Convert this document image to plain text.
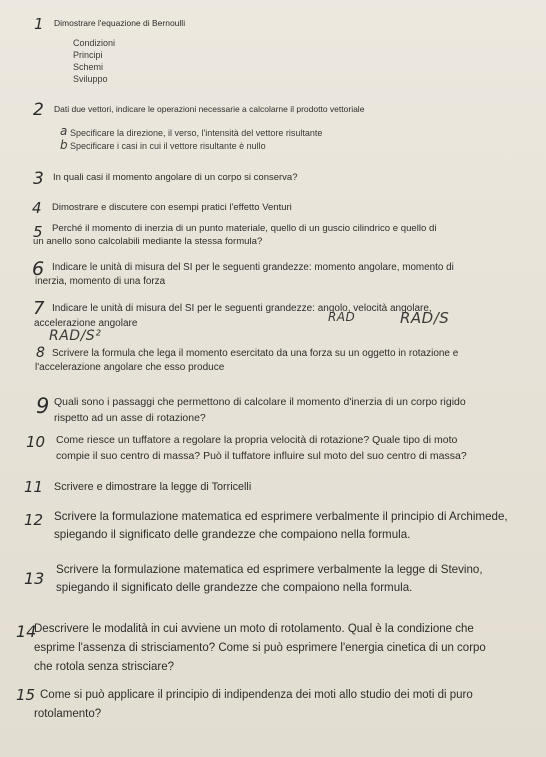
1 Dimostrare l'equazione di Bernoulli

Condizioni
Principi
Schemi
Sviluppo
2 Dati due vettori, indicare le operazioni necessarie a calcolarne il prodotto vettoriale

a Specificare la direzione, il verso, l'intensità del vettore risultante
b Specificare i casi in cui il vettore risultante è nullo
3 In quali casi il momento angolare di un corpo si conserva?

4 Dimostrare e discutere con esempi pratici l'effetto Venturi

5 Perché il momento di inerzia di un punto materiale, quello di un guscio cilindrico e quello di

un anello sono calcolabili mediante la stessa formula?

6 Indicare le unità di misura del SI per le seguenti grandezze: momento angolare, momento di

inerzia, momento di una forza

7 Indicare le unità di misura del SI per le seguenti grandezze: angolo, velocità angolare,

accelerazione angolare	RAD	RAD/S
RAD/S²
8 Scrivere la formula che lega il momento esercitato da una forza su un oggetto in rotazione e

l'accelerazione angolare che esso produce

9 Quali sono i passaggi che permettono di calcolare il momento d'inerzia di un corpo rigido

rispetto ad un asse di rotazione?

10 Come riesce un tuffatore a regolare la propria velocità di rotazione? Quale tipo di moto

compie il suo centro di massa? Può il tuffatore influire sul moto del suo centro di massa?

11 Scrivere e dimostrare la legge di Torricelli

12 Scrivere la formulazione matematica ed esprimere verbalmente il principio di Archimede,

spiegando il significato delle grandezze che compaiono nella formula.

13 Scrivere la formulazione matematica ed esprimere verbalmente la legge di Stevino,

spiegando il significato delle grandezze che compaiono nella formula.

14

Descrivere le modalità in cui avviene un moto di rotolamento. Qual è la condizione che

esprime l'assenza di strisciamento? Come si può esprimere l'energia cinetica di un corpo

che rotola senza strisciare?

15 Come si può applicare il principio di indipendenza dei moti allo studio dei moti di puro

rotolamento?
